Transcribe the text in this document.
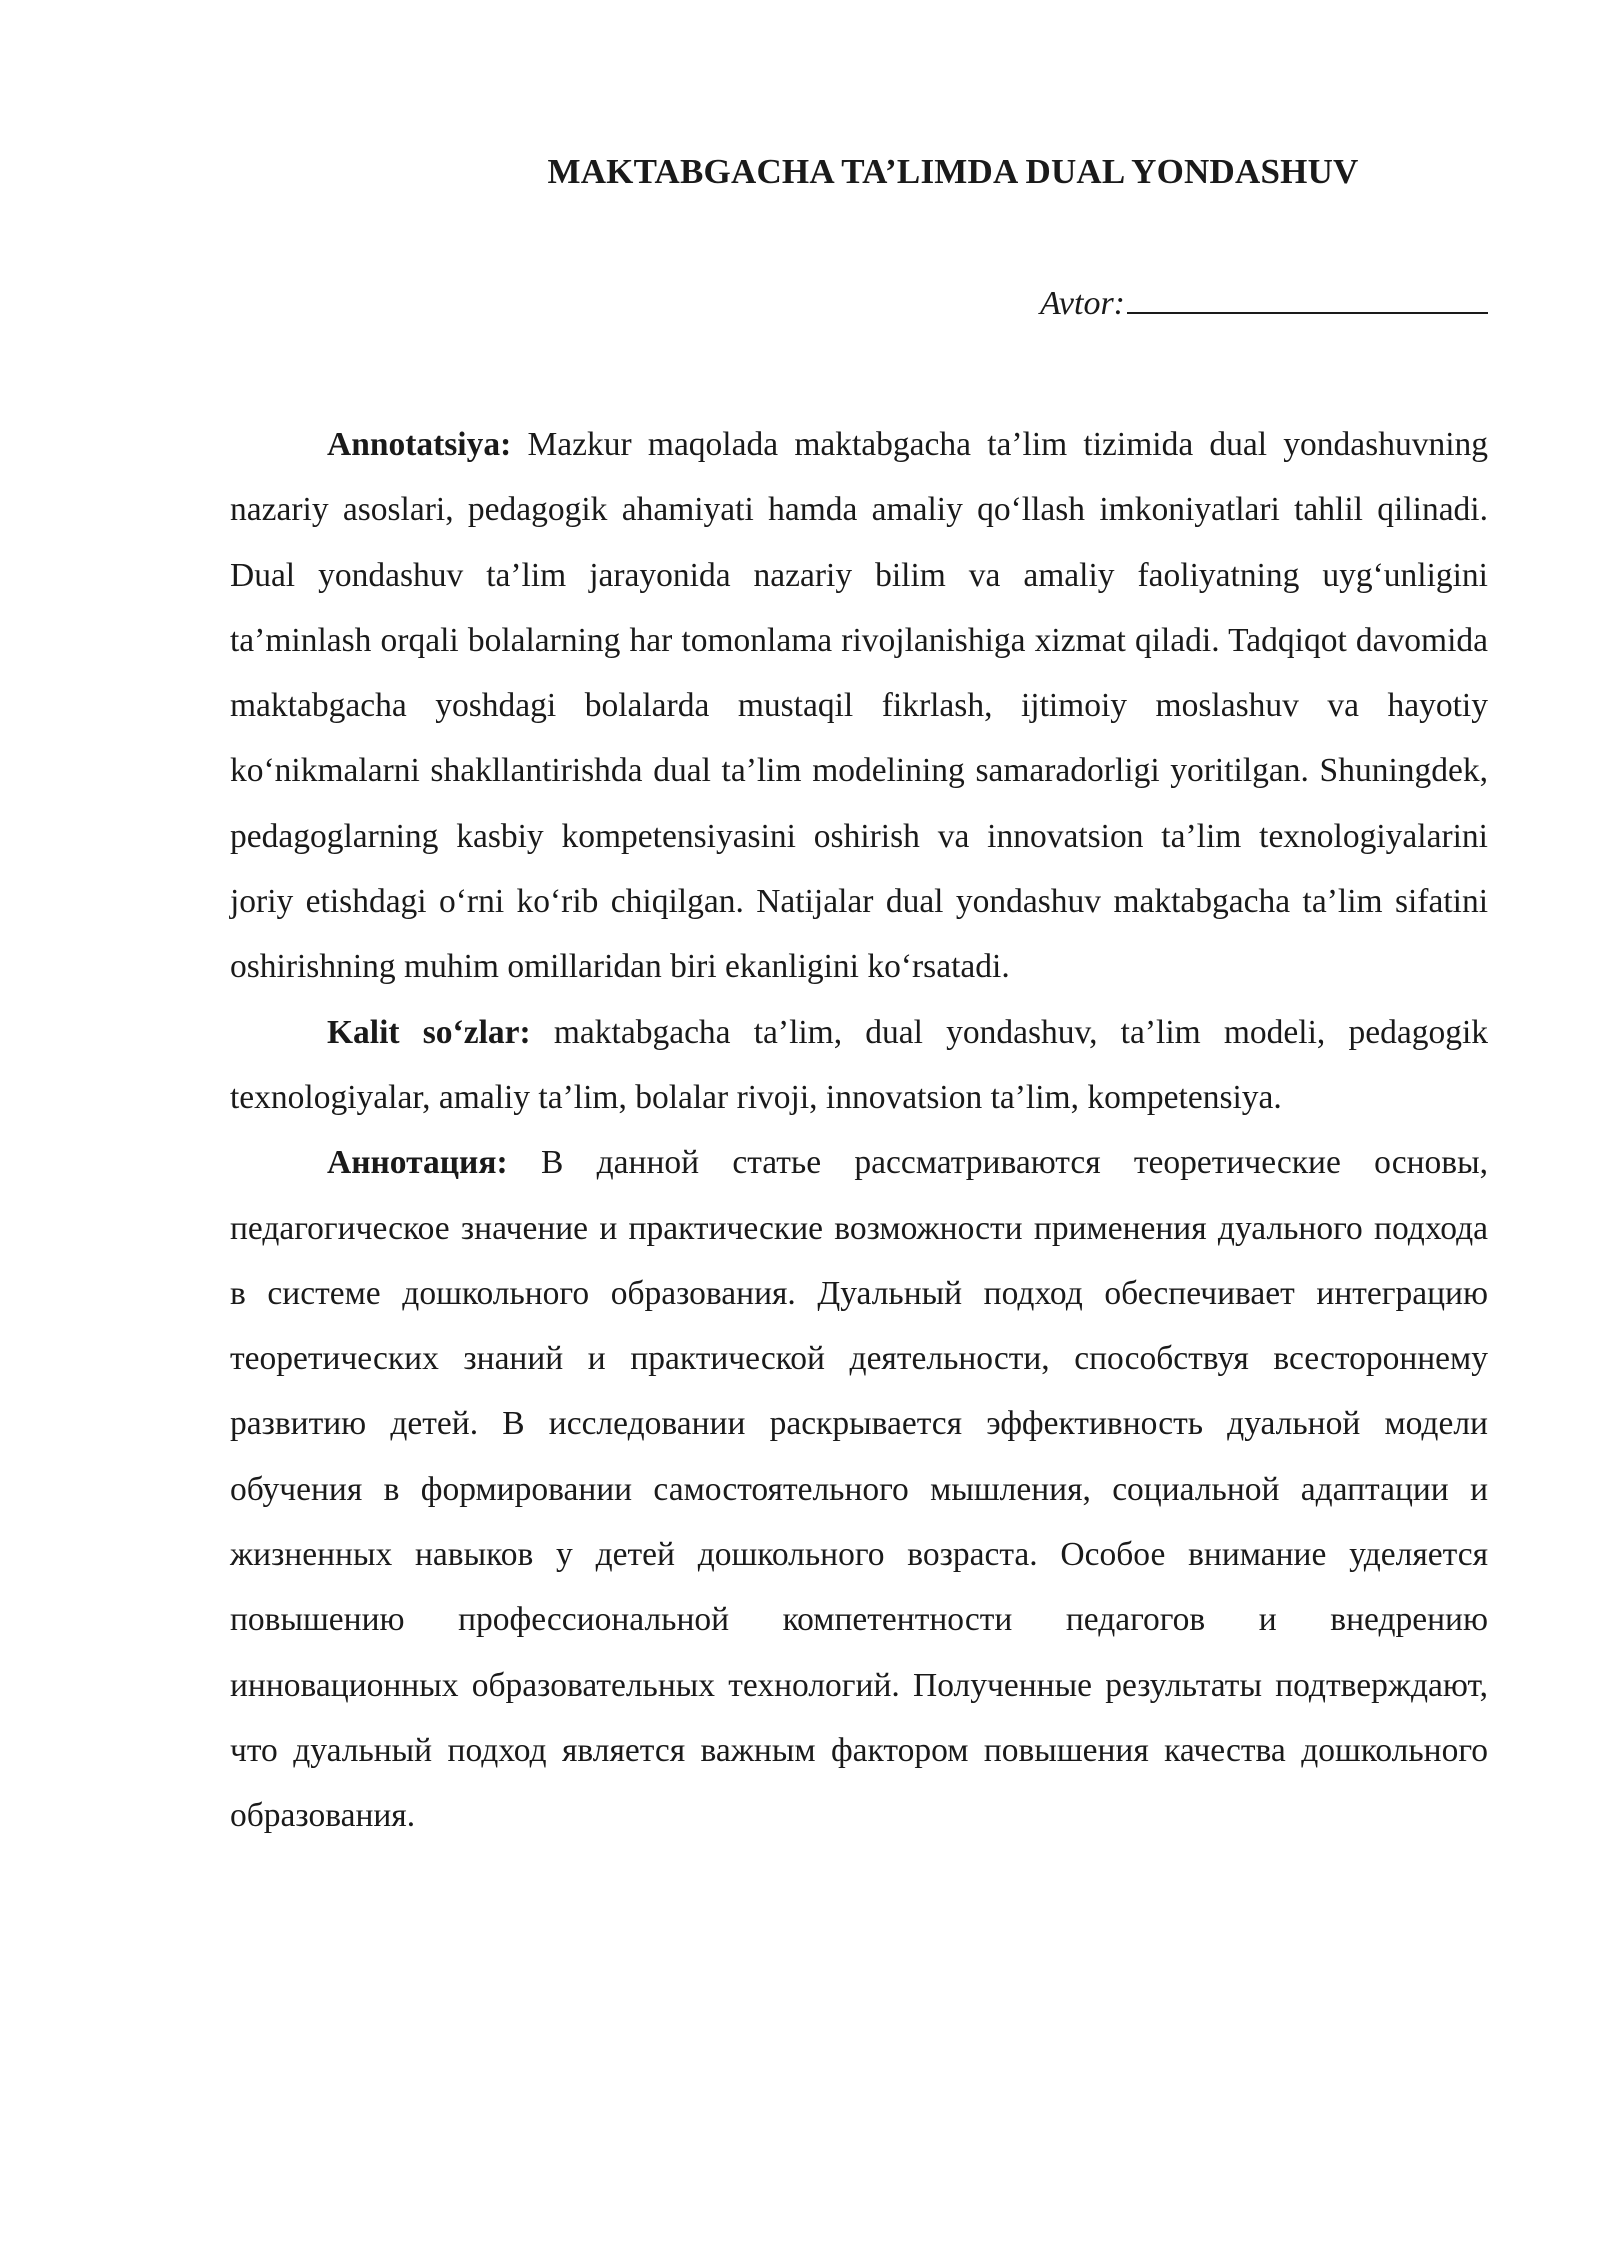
MAKTABGACHA TA’LIMDA DUAL YONDASHUV
Avtor:

Annotatsiya: Mazkur maqolada maktabgacha ta’lim tizimida dual yondashuvning nazariy asoslari, pedagogik ahamiyati hamda amaliy qo‘llash imkoniyatlari tahlil qilinadi. Dual yondashuv ta’lim jarayonida nazariy bilim va amaliy faoliyatning uyg‘unligini ta’minlash orqali bolalarning har tomonlama rivojlanishiga xizmat qiladi. Tadqiqot davomida maktabgacha yoshdagi bolalarda mustaqil fikrlash, ijtimoiy moslashuv va hayotiy ko‘nikmalarni shakllantirishda dual ta’lim modelining samaradorligi yoritilgan. Shuningdek, pedagoglarning kasbiy kompetensiyasini oshirish va innovatsion ta’lim texnologiyalarini joriy etishdagi o‘rni ko‘rib chiqilgan. Natijalar dual yondashuv maktabgacha ta’lim sifatini oshirishning muhim omillaridan biri ekanligini ko‘rsatadi.

Kalit so‘zlar: maktabgacha ta’lim, dual yondashuv, ta’lim modeli, pedagogik texnologiyalar, amaliy ta’lim, bolalar rivoji, innovatsion ta’lim, kompetensiya.

Аннотация: В данной статье рассматриваются теоретические основы, педагогическое значение и практические возможности применения дуального подхода в системе дошкольного образования. Дуальный подход обеспечивает интеграцию теоретических знаний и практической деятельности, способствуя всестороннему развитию детей. В исследовании раскрывается эффективность дуальной модели обучения в формировании самостоятельного мышления, социальной адаптации и жизненных навыков у детей дошкольного возраста. Особое внимание уделяется повышению профессиональной компетентности педагогов и внедрению инновационных образовательных технологий. Полученные результаты подтверждают, что дуальный подход является важным фактором повышения качества дошкольного образования.
